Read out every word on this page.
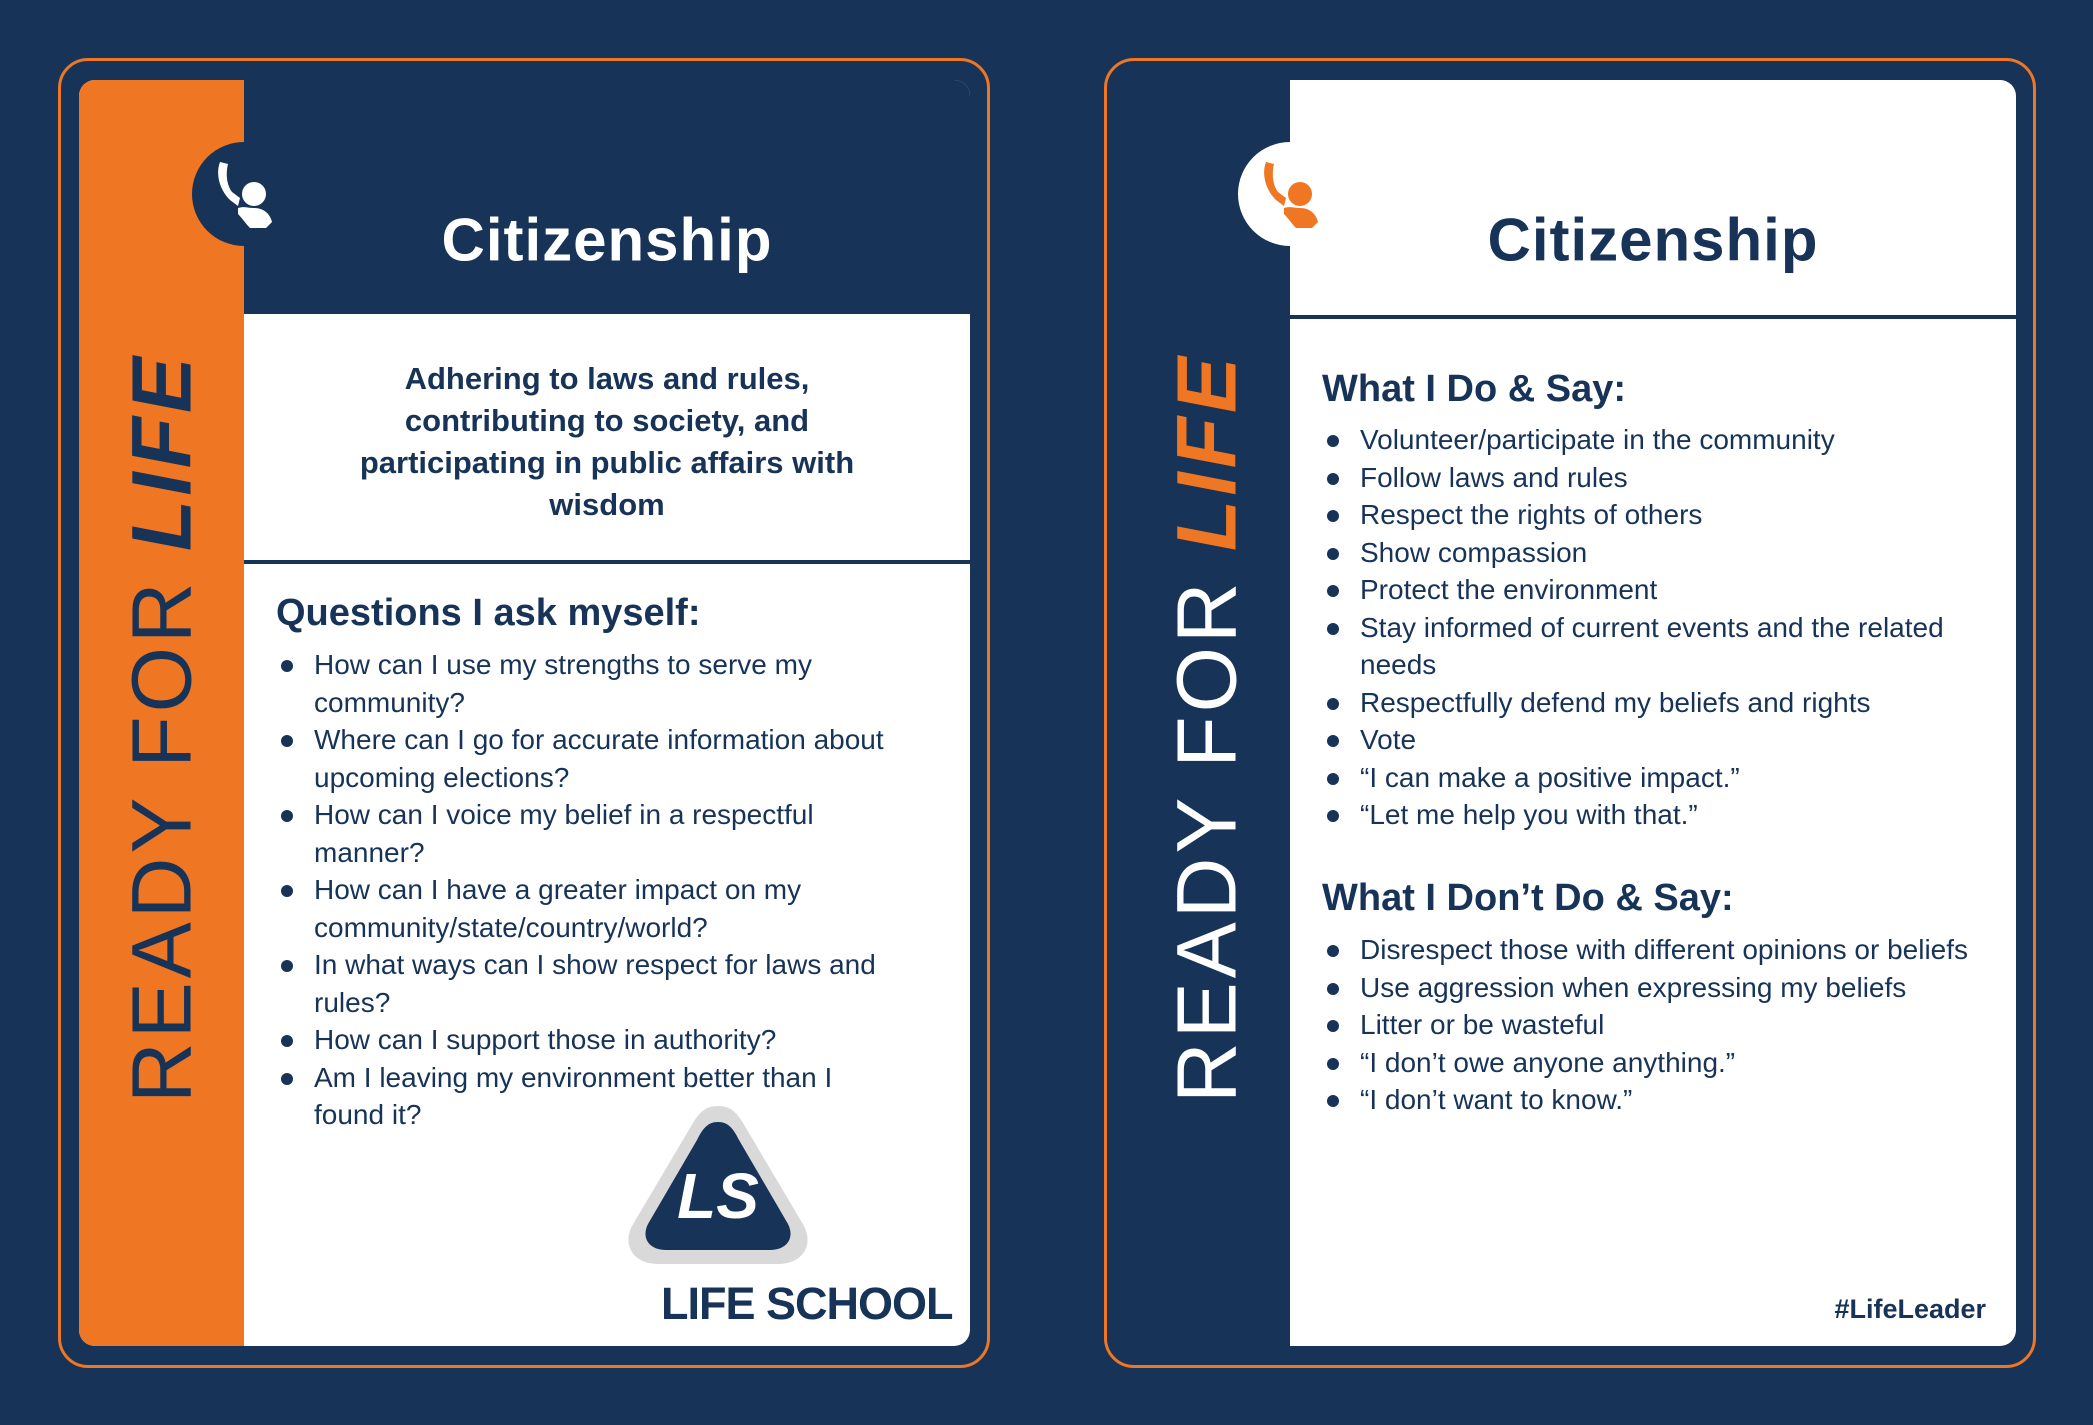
READY FOR LIFE
Citizenship
Adhering to laws and rules, contributing to society, and participating in public affairs with wisdom
Questions I ask myself:
How can I use my strengths to serve my community?
Where can I go for accurate information about upcoming elections?
How can I voice my belief in a respectful manner?
How can I have a greater impact on my community/state/country/world?
In what ways can I show respect for laws and rules?
How can I support those in authority?
Am I leaving my environment better than I found it?
LS
LIFE SCHOOL
READY FOR LIFE
Citizenship
What I Do & Say:
Volunteer/participate in the community
Follow laws and rules
Respect the rights of others
Show compassion
Protect the environment
Stay informed of current events and the related needs
Respectfully defend my beliefs and rights
Vote
“I can make a positive impact.”
“Let me help you with that.”
What I Don’t Do & Say:
Disrespect those with different opinions or beliefs
Use aggression when expressing my beliefs
Litter or be wasteful
“I don’t owe anyone anything.”
“I don’t want to know.”
#LifeLeader
